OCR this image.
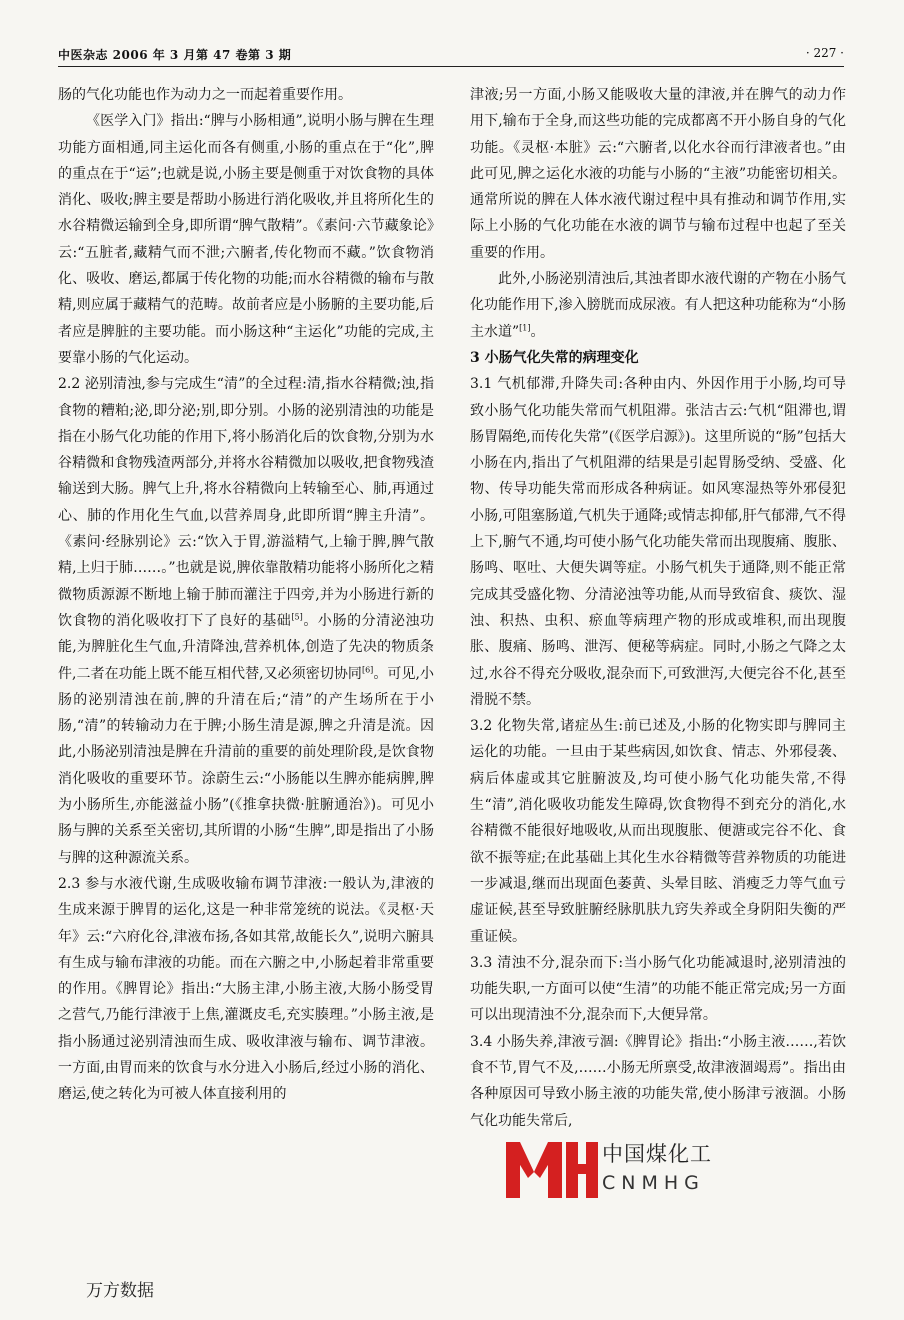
中医杂志 2006 年 3 月第 47 卷第 3 期	· 227 ·

肠的气化功能也作为动力之一而起着重要作用。

《医学入门》指出:“脾与小肠相通”,说明小肠与脾在生理功能方面相通,同主运化而各有侧重,小肠的重点在于“化”,脾的重点在于“运”;也就是说,小肠主要是侧重于对饮食物的具体消化、吸收;脾主要是帮助小肠进行消化吸收,并且将所化生的水谷精微运输到全身,即所谓“脾气散精”。《素问·六节藏象论》云:“五脏者,藏精气而不泄;六腑者,传化物而不藏。”饮食物消化、吸收、磨运,都属于传化物的功能;而水谷精微的输布与散精,则应属于藏精气的范畴。故前者应是小肠腑的主要功能,后者应是脾脏的主要功能。而小肠这种“主运化”功能的完成,主要靠小肠的气化运动。

2.2 泌别清浊,参与完成生“清”的全过程:清,指水谷精微;浊,指食物的糟粕;泌,即分泌;别,即分别。小肠的泌别清浊的功能是指在小肠气化功能的作用下,将小肠消化后的饮食物,分别为水谷精微和食物残渣两部分,并将水谷精微加以吸收,把食物残渣输送到大肠。脾气上升,将水谷精微向上转输至心、肺,再通过心、肺的作用化生气血,以营养周身,此即所谓“脾主升清”。《素问·经脉别论》云:“饮入于胃,游溢精气,上输于脾,脾气散精,上归于肺……。”也就是说,脾依靠散精功能将小肠所化之精微物质源源不断地上输于肺而灌注于四旁,并为小肠进行新的饮食物的消化吸收打下了良好的基础[5]。小肠的分清泌浊功能,为脾脏化生气血,升清降浊,营养机体,创造了先决的物质条件,二者在功能上既不能互相代替,又必须密切协同[6]。可见,小肠的泌别清浊在前,脾的升清在后;“清”的产生场所在于小肠,“清”的转输动力在于脾;小肠生清是源,脾之升清是流。因此,小肠泌别清浊是脾在升清前的重要的前处理阶段,是饮食物消化吸收的重要环节。涂蔚生云:“小肠能以生脾亦能病脾,脾为小肠所生,亦能滋益小肠”(《推拿抉微·脏腑通治》)。可见小肠与脾的关系至关密切,其所谓的小肠“生脾”,即是指出了小肠与脾的这种源流关系。

2.3 参与水液代谢,生成吸收输布调节津液:一般认为,津液的生成来源于脾胃的运化,这是一种非常笼统的说法。《灵枢·天年》云:“六府化谷,津液布扬,各如其常,故能长久”,说明六腑具有生成与输布津液的功能。而在六腑之中,小肠起着非常重要的作用。《脾胃论》指出:“大肠主津,小肠主液,大肠小肠受胃之营气,乃能行津液于上焦,灌溉皮毛,充实腠理。”小肠主液,是指小肠通过泌别清浊而生成、吸收津液与输布、调节津液。一方面,由胃而来的饮食与水分进入小肠后,经过小肠的消化、磨运,使之转化为可被人体直接利用的

津液;另一方面,小肠又能吸收大量的津液,并在脾气的动力作用下,输布于全身,而这些功能的完成都离不开小肠自身的气化功能。《灵枢·本脏》云:“六腑者,以化水谷而行津液者也。”由此可见,脾之运化水液的功能与小肠的“主液”功能密切相关。通常所说的脾在人体水液代谢过程中具有推动和调节作用,实际上小肠的气化功能在水液的调节与输布过程中也起了至关重要的作用。

此外,小肠泌别清浊后,其浊者即水液代谢的产物在小肠气化功能作用下,渗入膀胱而成尿液。有人把这种功能称为“小肠主水道”[1]。

3 小肠气化失常的病理变化

3.1 气机郁滞,升降失司:各种由内、外因作用于小肠,均可导致小肠气化功能失常而气机阻滞。张洁古云:气机“阻滞也,谓肠胃隔绝,而传化失常”(《医学启源》)。这里所说的“肠”包括大小肠在内,指出了气机阻滞的结果是引起胃肠受纳、受盛、化物、传导功能失常而形成各种病证。如风寒湿热等外邪侵犯小肠,可阻塞肠道,气机失于通降;或情志抑郁,肝气郁滞,气不得上下,腑气不通,均可使小肠气化功能失常而出现腹痛、腹胀、肠鸣、呕吐、大便失调等症。小肠气机失于通降,则不能正常完成其受盛化物、分清泌浊等功能,从而导致宿食、痰饮、湿浊、积热、虫积、瘀血等病理产物的形成或堆积,而出现腹胀、腹痛、肠鸣、泄泻、便秘等病症。同时,小肠之气降之太过,水谷不得充分吸收,混杂而下,可致泄泻,大便完谷不化,甚至滑脱不禁。

3.2 化物失常,诸症丛生:前已述及,小肠的化物实即与脾同主运化的功能。一旦由于某些病因,如饮食、情志、外邪侵袭、病后体虚或其它脏腑波及,均可使小肠气化功能失常,不得生“清”,消化吸收功能发生障碍,饮食物得不到充分的消化,水谷精微不能很好地吸收,从而出现腹胀、便溏或完谷不化、食欲不振等症;在此基础上其化生水谷精微等营养物质的功能进一步减退,继而出现面色萎黄、头晕目眩、消瘦乏力等气血亏虚证候,甚至导致脏腑经脉肌肤九窍失养或全身阴阳失衡的严重证候。

3.3 清浊不分,混杂而下:当小肠气化功能减退时,泌别清浊的功能失职,一方面可以使“生清”的功能不能正常完成;另一方面可以出现清浊不分,混杂而下,大便异常。

3.4 小肠失养,津液亏涸:《脾胃论》指出:“小肠主液……,若饮食不节,胃气不及,……小肠无所禀受,故津液涸竭焉”。指出由各种原因可导致小肠主液的功能失常,使小肠津亏液涸。小肠气化功能失常后,

中国煤化工
CNMHG
万方数据
